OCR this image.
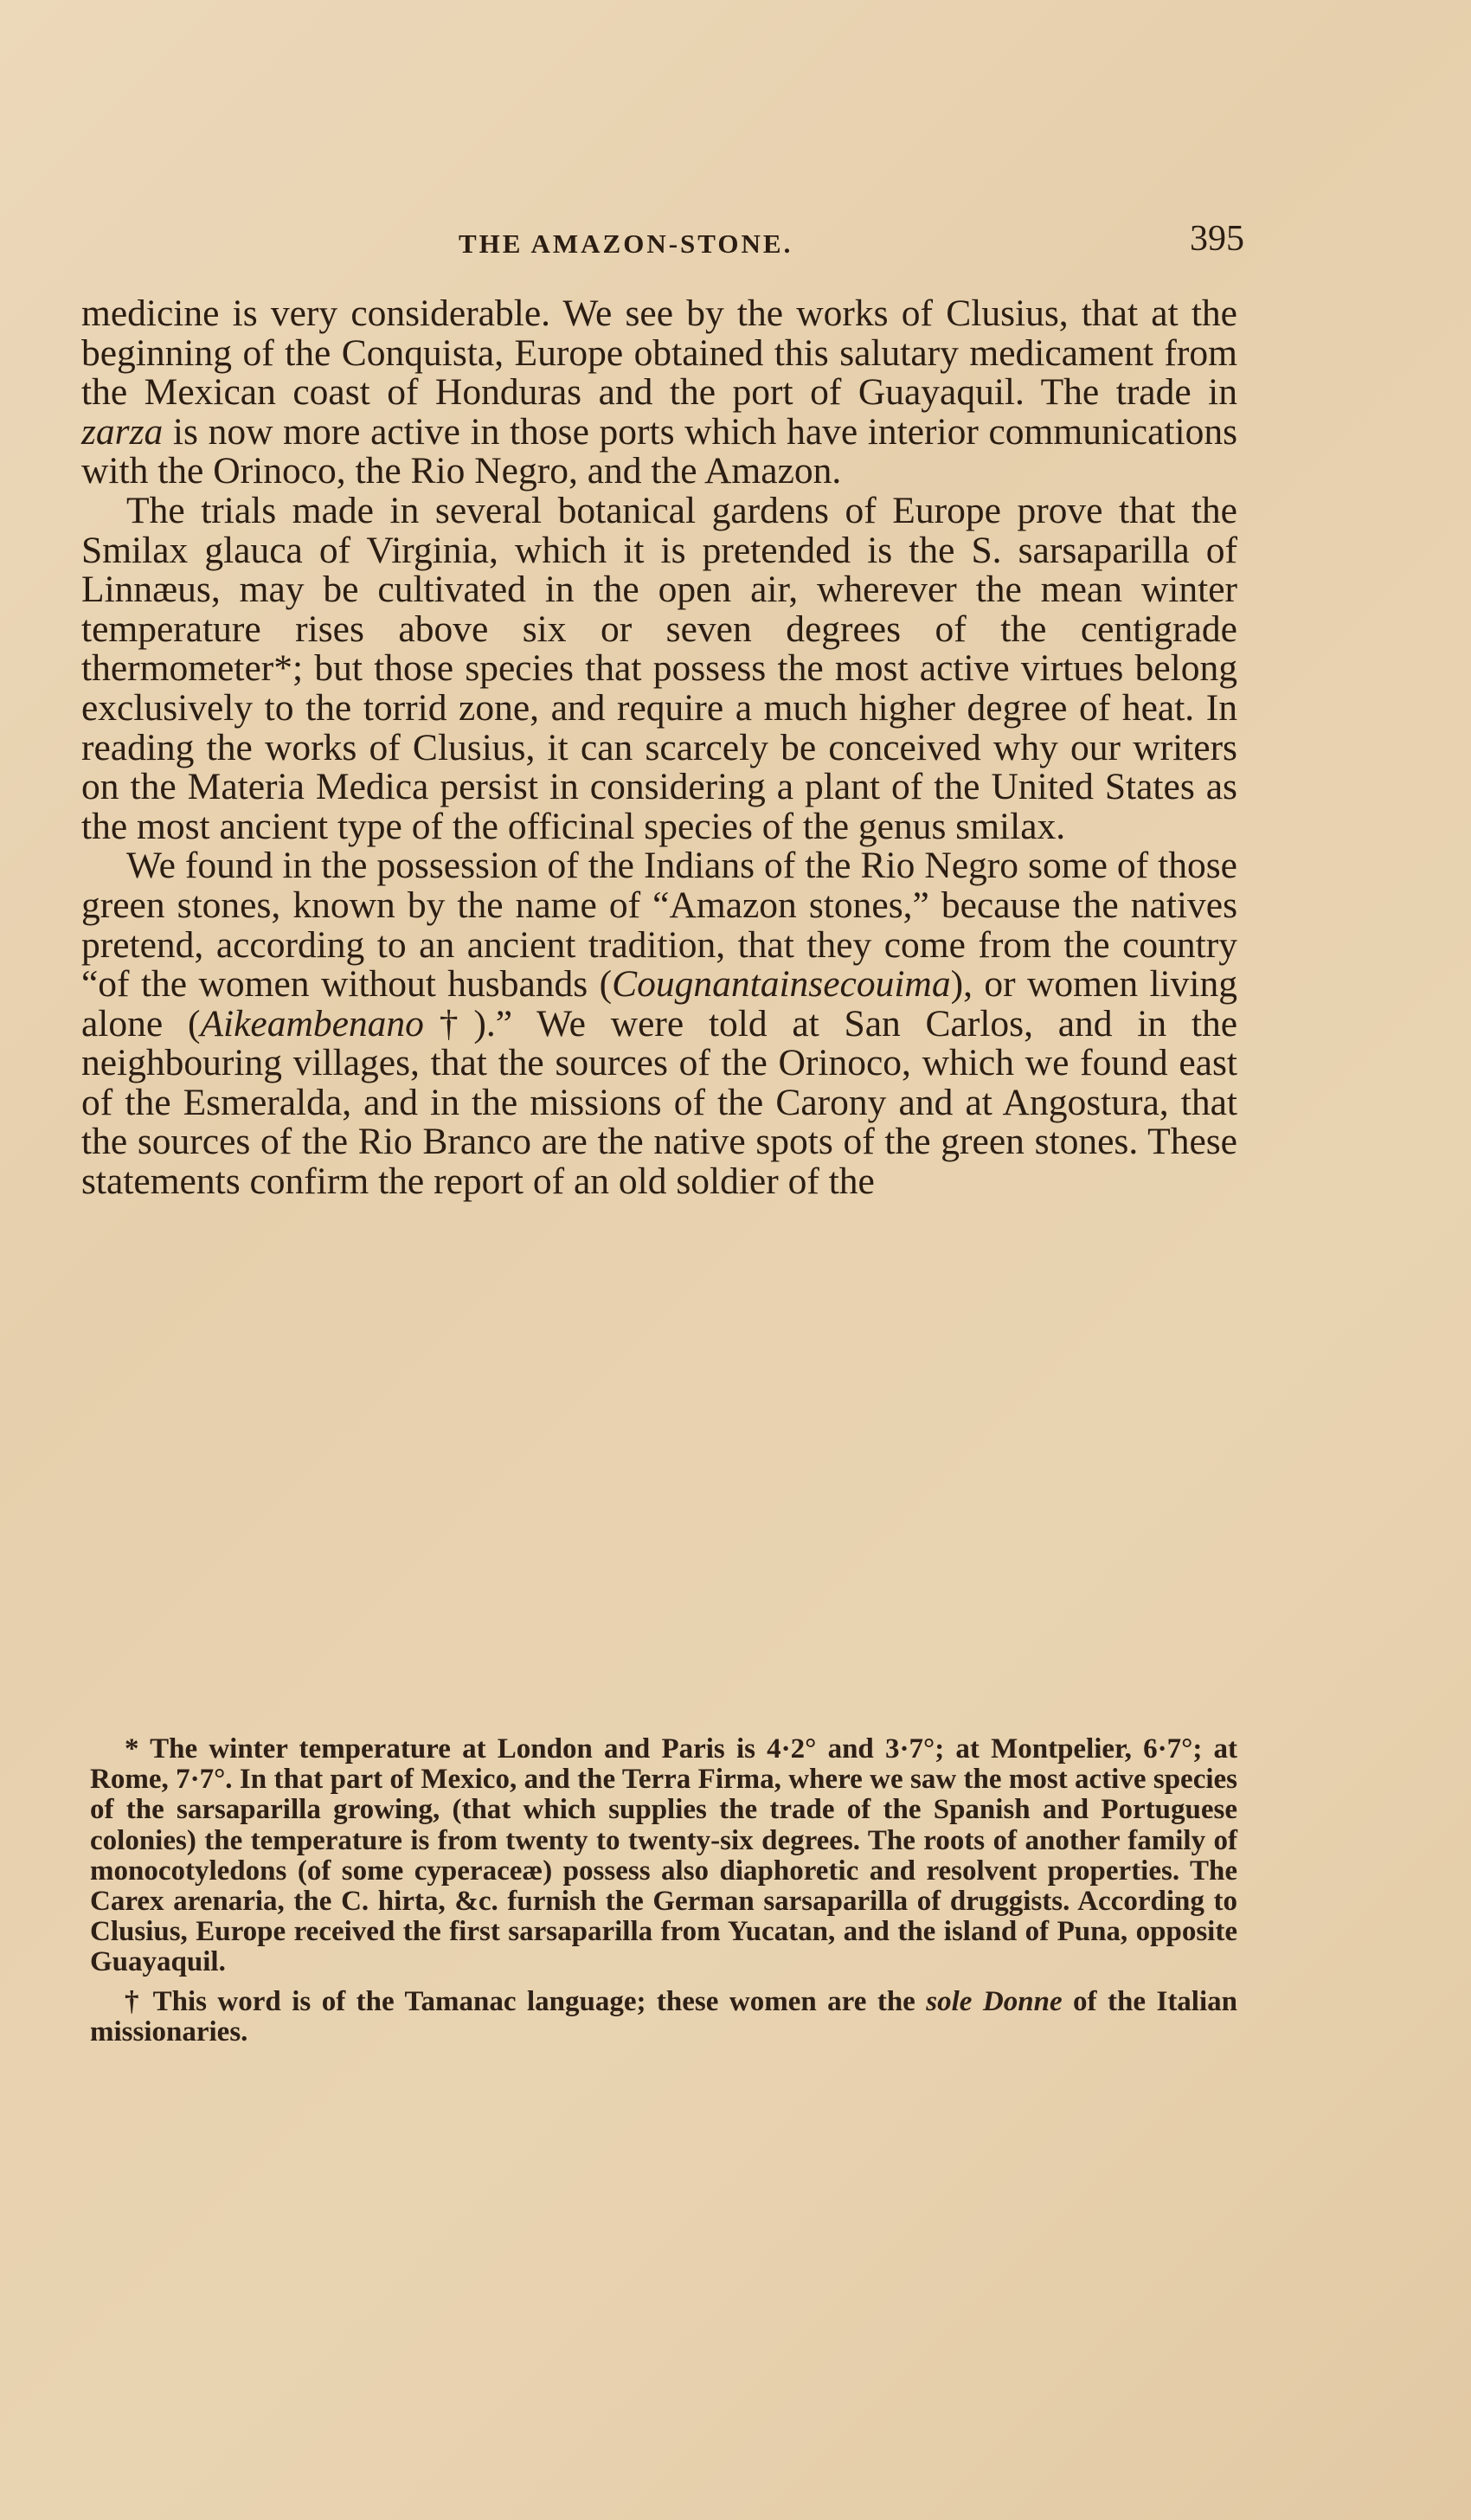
THE AMAZON-STONE.	395

medicine is very considerable. We see by the works of Clusius, that at the beginning of the Conquista, Europe obtained this salutary medicament from the Mexican coast of Honduras and the port of Guayaquil. The trade in zarza is now more active in those ports which have interior communications with the Orinoco, the Rio Negro, and the Amazon.

The trials made in several botanical gardens of Europe prove that the Smilax glauca of Virginia, which it is pretended is the S. sarsaparilla of Linnæus, may be cultivated in the open air, wherever the mean winter temperature rises above six or seven degrees of the centigrade thermometer*; but those species that possess the most active virtues belong exclusively to the torrid zone, and require a much higher degree of heat. In reading the works of Clusius, it can scarcely be conceived why our writers on the Materia Medica persist in considering a plant of the United States as the most ancient type of the officinal species of the genus smilax.

We found in the possession of the Indians of the Rio Negro some of those green stones, known by the name of “Amazon stones,” because the natives pretend, according to an ancient tradition, that they come from the country “of the women without husbands (Cougnantainsecouima), or women living alone (Aikeambenano†).” We were told at San Carlos, and in the neighbouring villages, that the sources of the Orinoco, which we found east of the Esmeralda, and in the missions of the Carony and at Angostura, that the sources of the Rio Branco are the native spots of the green stones. These statements confirm the report of an old soldier of the

* The winter temperature at London and Paris is 4·2° and 3·7°; at Montpelier, 6·7°; at Rome, 7·7°. In that part of Mexico, and the Terra Firma, where we saw the most active species of the sarsaparilla growing, (that which supplies the trade of the Spanish and Portuguese colonies) the temperature is from twenty to twenty-six degrees. The roots of another family of monocotyledons (of some cyperaceæ) possess also diaphoretic and resolvent properties. The Carex arenaria, the C. hirta, &c. furnish the German sarsaparilla of druggists. According to Clusius, Europe received the first sarsaparilla from Yucatan, and the island of Puna, opposite Guayaquil.

† This word is of the Tamanac language; these women are the sole Donne of the Italian missionaries.
